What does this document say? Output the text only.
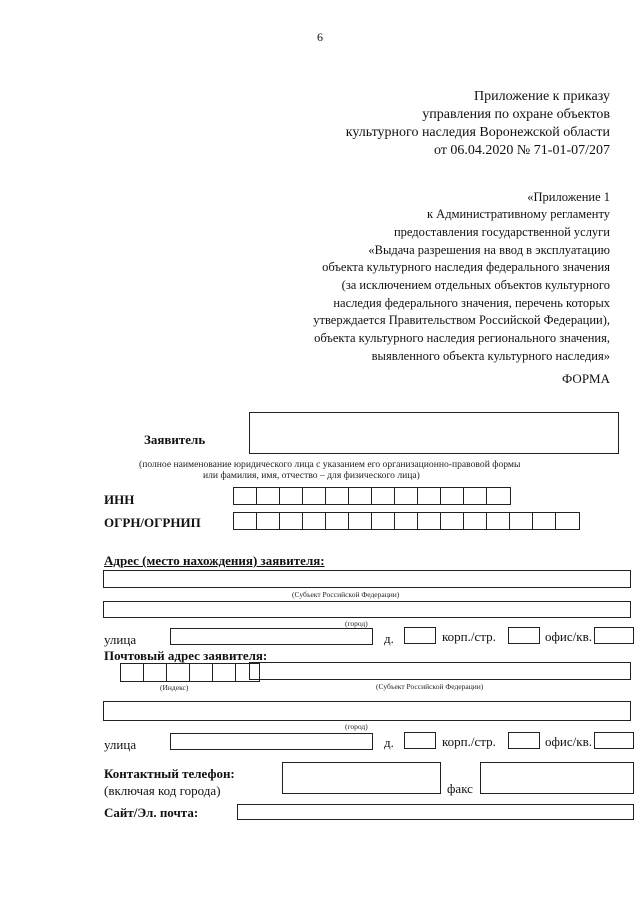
6
Приложение к приказу
управления по охране объектов
культурного наследия Воронежской области
от 06.04.2020 № 71-01-07/207
«Приложение 1
к Административному регламенту
предоставления государственной услуги
«Выдача разрешения на ввод в эксплуатацию
объекта культурного наследия федерального значения
(за исключением отдельных объектов культурного
наследия федерального значения, перечень которых
утверждается Правительством Российской Федерации),
объекта культурного наследия регионального значения,
выявленного объекта культурного наследия»
ФОРМА
Заявитель
(полное наименование юридического лица с указанием его организационно-правовой формы
или фамилия, имя, отчество – для физического лица)
ИНН
ОГРН/ОГРНИП
Адрес (место нахождения) заявителя:
(Субъект Российской Федерации)
(город)
улица	д.	корп./стр.	офис/кв.
Почтовый адрес заявителя:
(Индекс)	(Субъект Российской Федерации)
(город)
улица	д.	корп./стр.	офис/кв.
Контактный телефон:
(включая код города)	факс
Сайт/Эл. почта:
